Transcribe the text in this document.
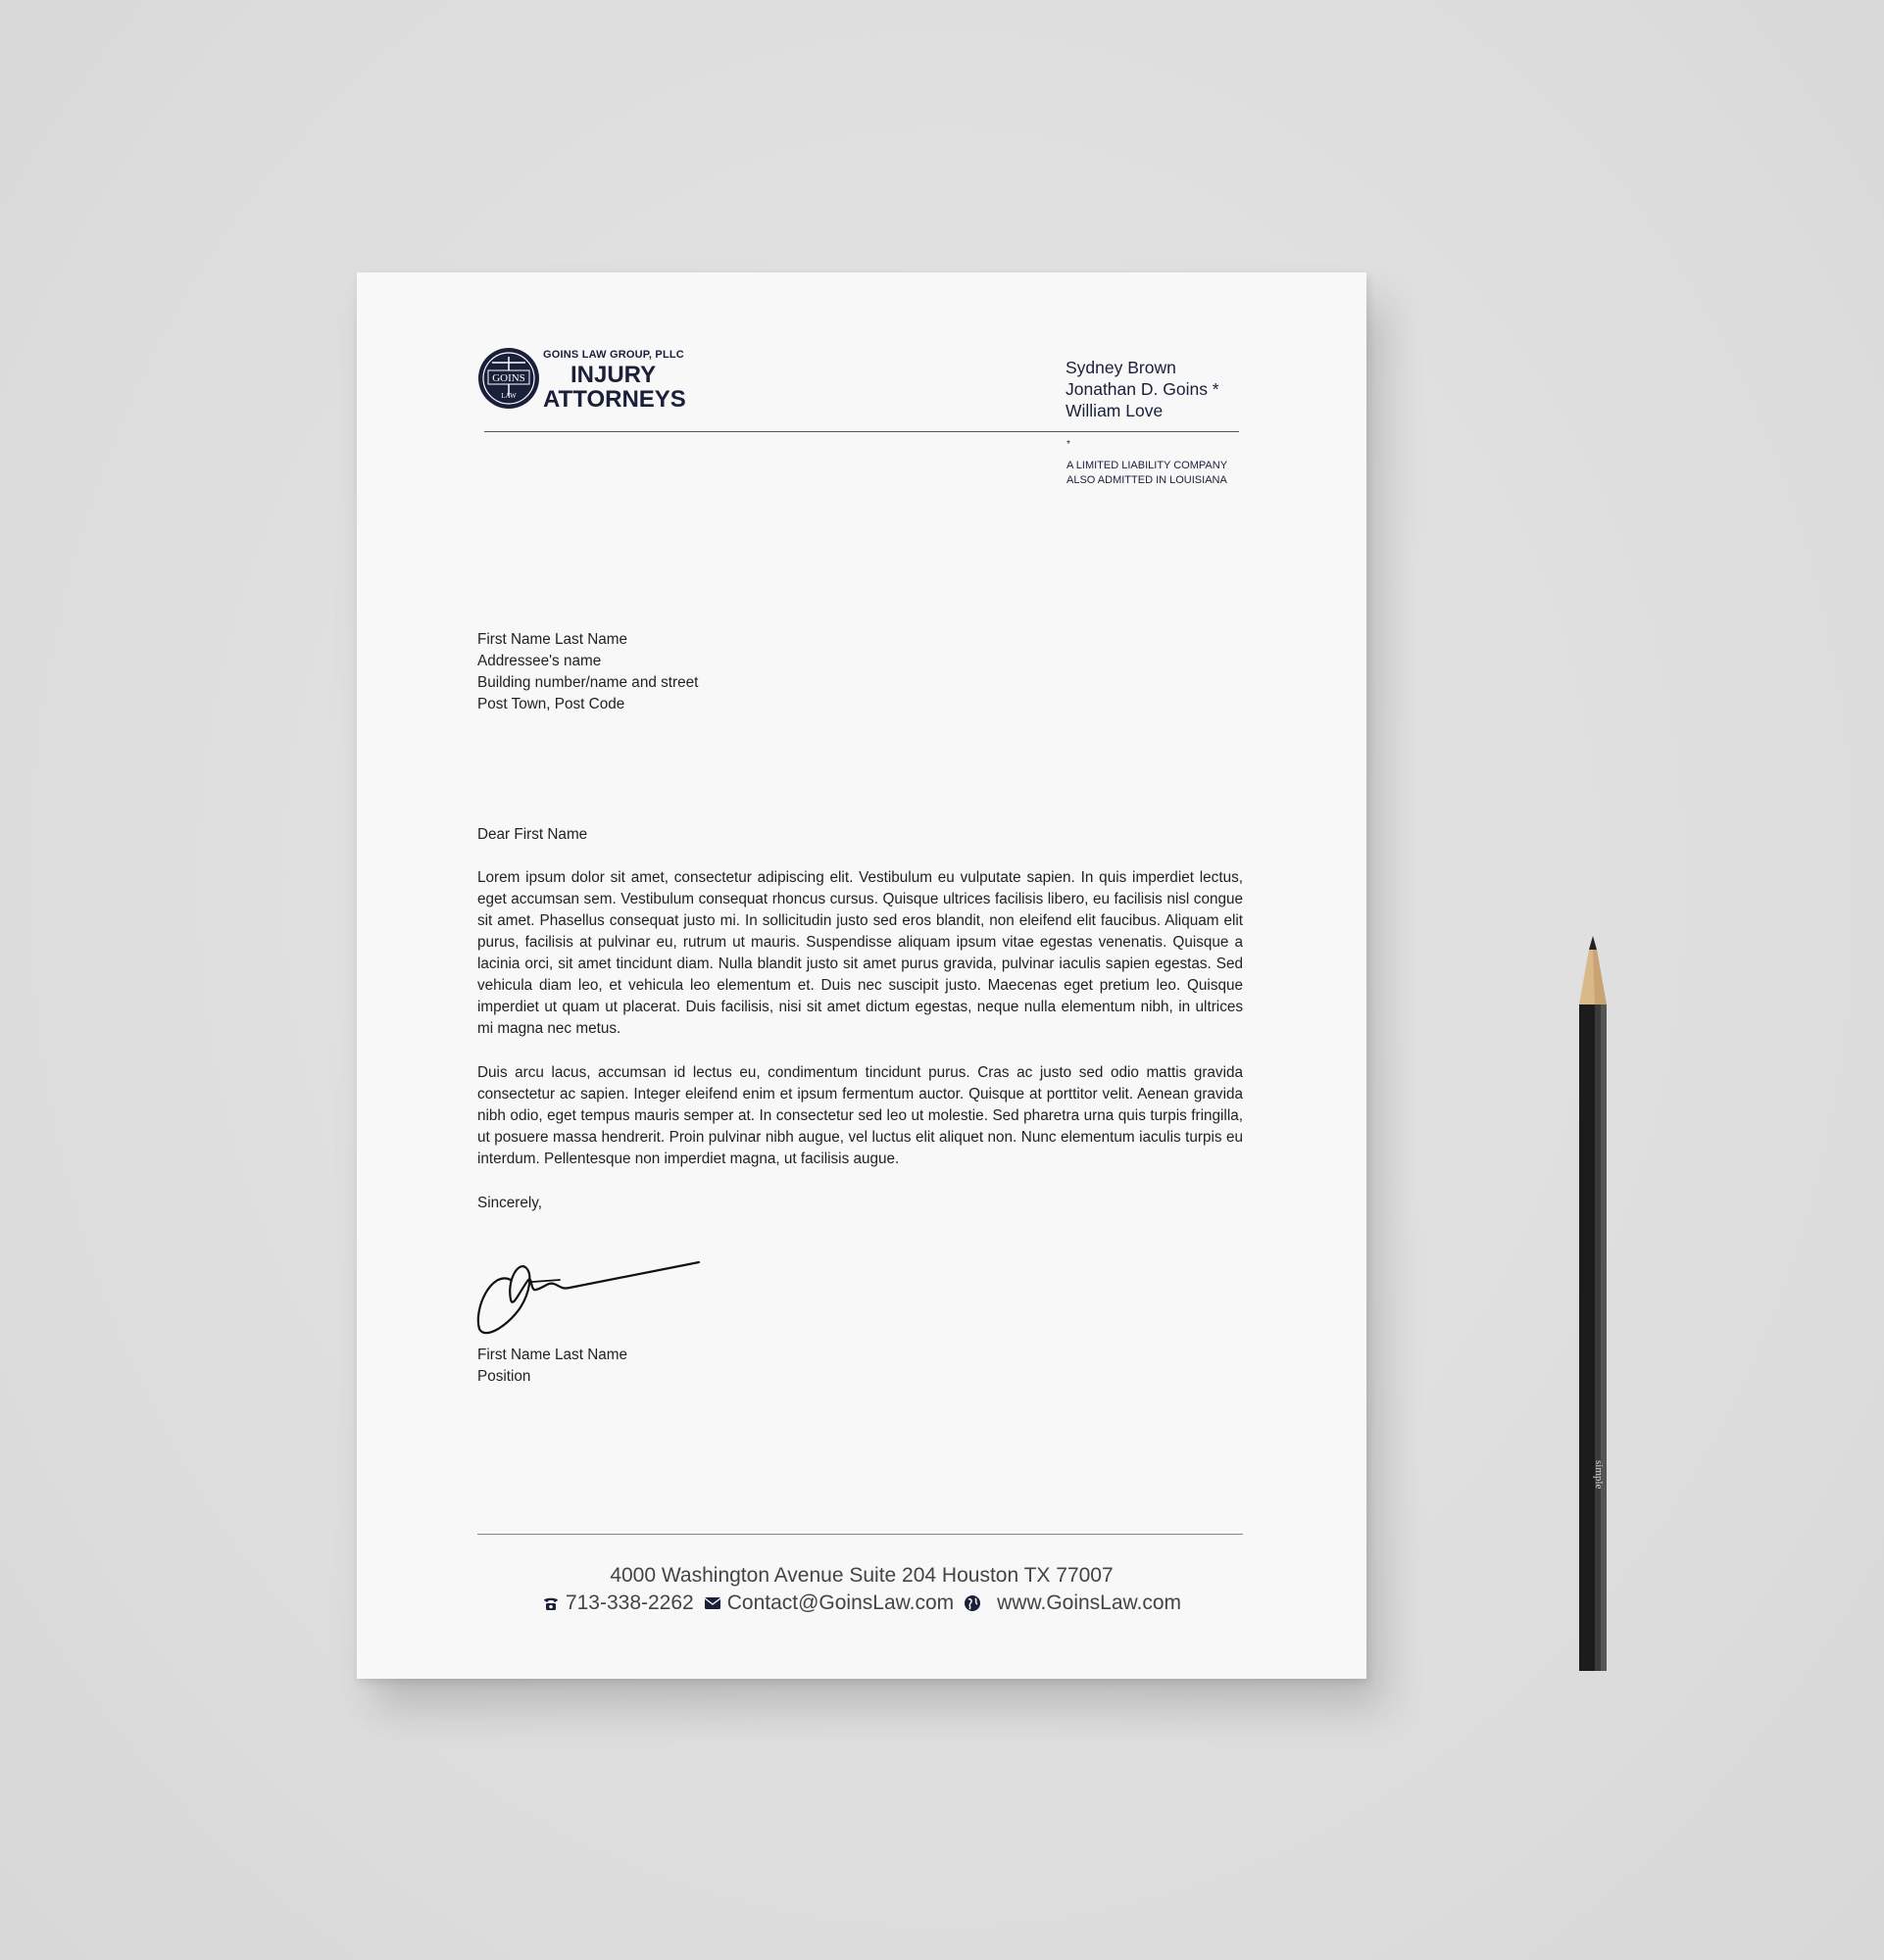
GOINS
LAW
GOINS LAW GROUP, PLLC
INJURY
ATTORNEYS
Sydney Brown
Jonathan D. Goins *
William Love
*
A LIMITED LIABILITY COMPANY
ALSO ADMITTED IN LOUISIANA
First Name Last Name
Addressee's name
Building number/name and street
Post Town, Post Code
Dear First Name
Lorem ipsum dolor sit amet, consectetur adipiscing elit. Vestibulum eu vulputate sapien. In quis imperdiet lectus, eget accumsan sem. Vestibulum consequat rhoncus cursus. Quisque ultrices facilisis libero, eu facilisis nisl congue sit amet. Phasellus consequat justo mi. In sollicitudin justo sed eros blandit, non eleifend elit faucibus. Aliquam elit purus, facilisis at pulvinar eu, rutrum ut mauris. Suspendisse aliquam ipsum vitae egestas venenatis. Quisque a lacinia orci, sit amet tincidunt diam. Nulla blandit justo sit amet purus gravida, pulvinar iaculis sapien egestas. Sed vehicula diam leo, et vehicula leo elementum et. Duis nec suscipit justo. Maecenas eget pretium leo. Quisque imperdiet ut quam ut placerat. Duis facilisis, nisi sit amet dictum egestas, neque nulla elementum nibh, in ultrices mi magna nec metus.
Duis arcu lacus, accumsan id lectus eu, condimentum tincidunt purus. Cras ac justo sed odio mattis gravida consectetur ac sapien. Integer eleifend enim et ipsum fermentum auctor. Quisque at porttitor velit. Aenean gravida nibh odio, eget tempus mauris semper at. In consectetur sed leo ut molestie. Sed pharetra urna quis turpis fringilla, ut posuere massa hendrerit. Proin pulvinar nibh augue, vel luctus elit aliquet non. Nunc elementum iaculis turpis eu interdum. Pellentesque non imperdiet magna, ut facilisis augue.
Sincerely,
First Name Last Name
Position
4000 Washington Avenue Suite 204 Houston TX 77007
713-338-2262 Contact@GoinsLaw.com www.GoinsLaw.com
simple
